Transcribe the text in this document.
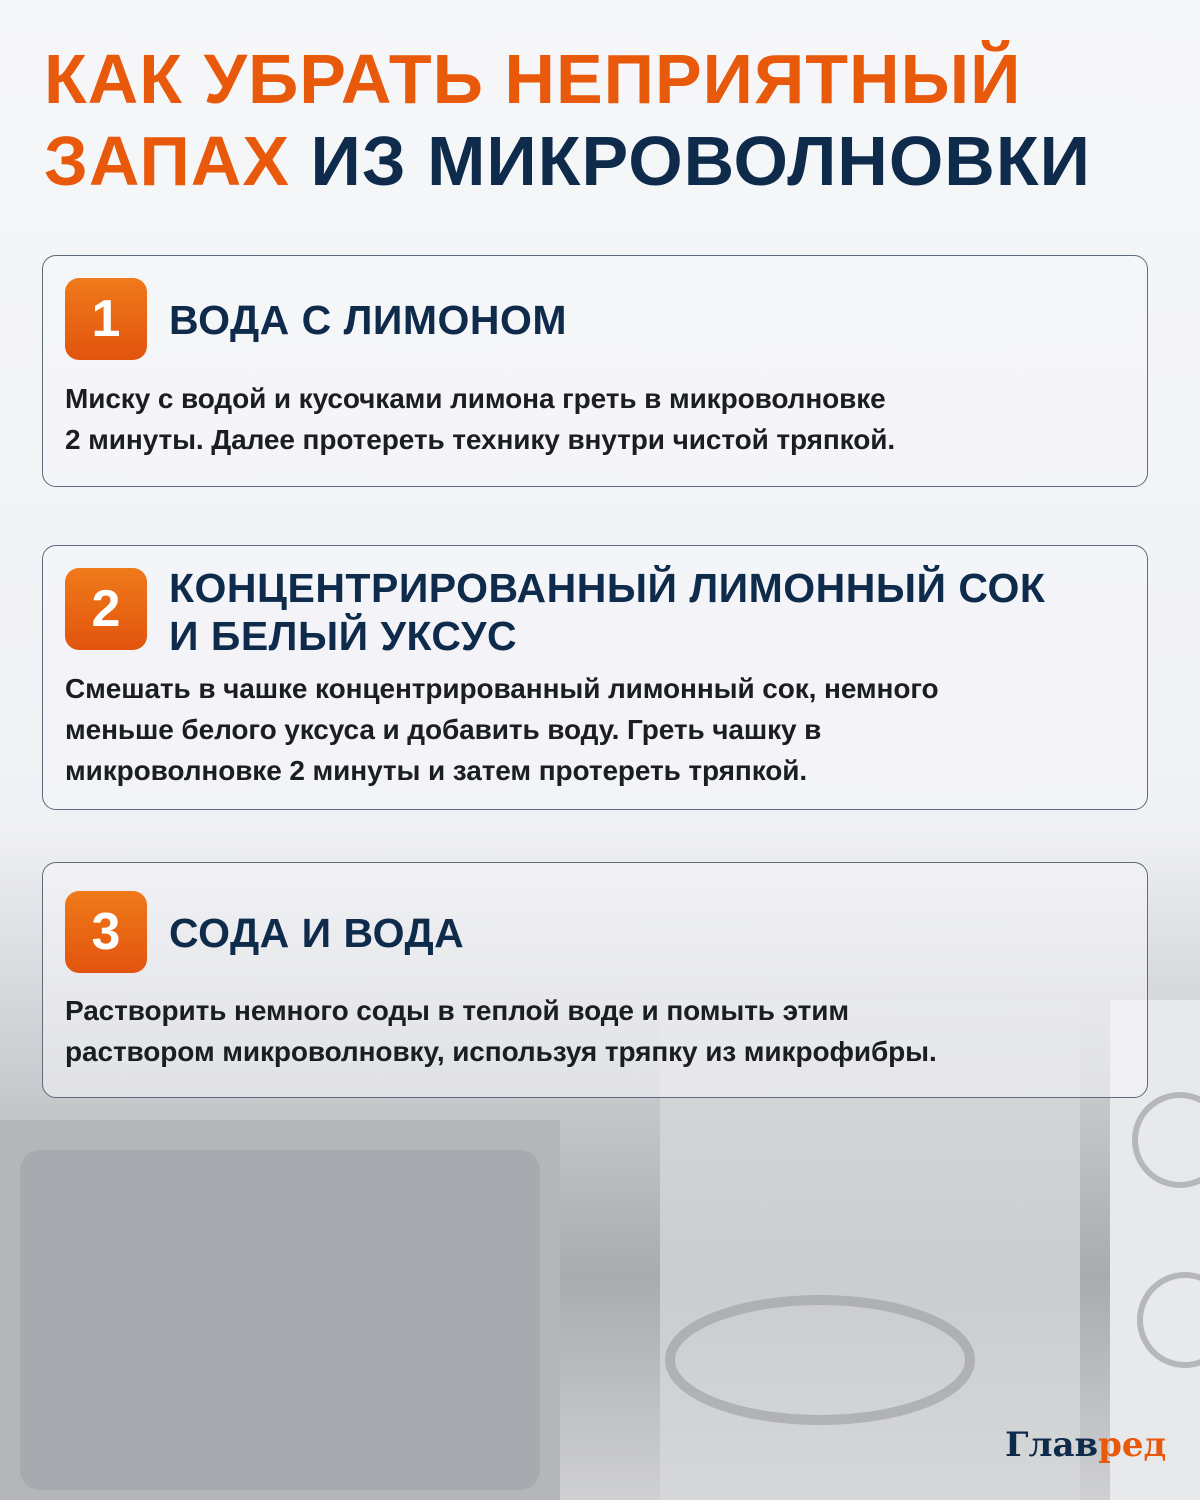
КАК УБРАТЬ НЕПРИЯТНЫЙ
ЗАПАХ ИЗ МИКРОВОЛНОВКИ
1	ВОДА С ЛИМОНОМ
Миску с водой и кусочками лимона греть в микроволновке
2 минуты. Далее протереть технику внутри чистой тряпкой.
2	КОНЦЕНТРИРОВАННЫЙ ЛИМОННЫЙ СОК
И БЕЛЫЙ УКСУС
Смешать в чашке концентрированный лимонный сок, немного
меньше белого уксуса и добавить воду. Греть чашку в
микроволновке 2 минуты и затем протереть тряпкой.
3	СОДА И ВОДА
Растворить немного соды в теплой воде и помыть этим
раствором микроволновку, используя тряпку из микрофибры.
Главред
